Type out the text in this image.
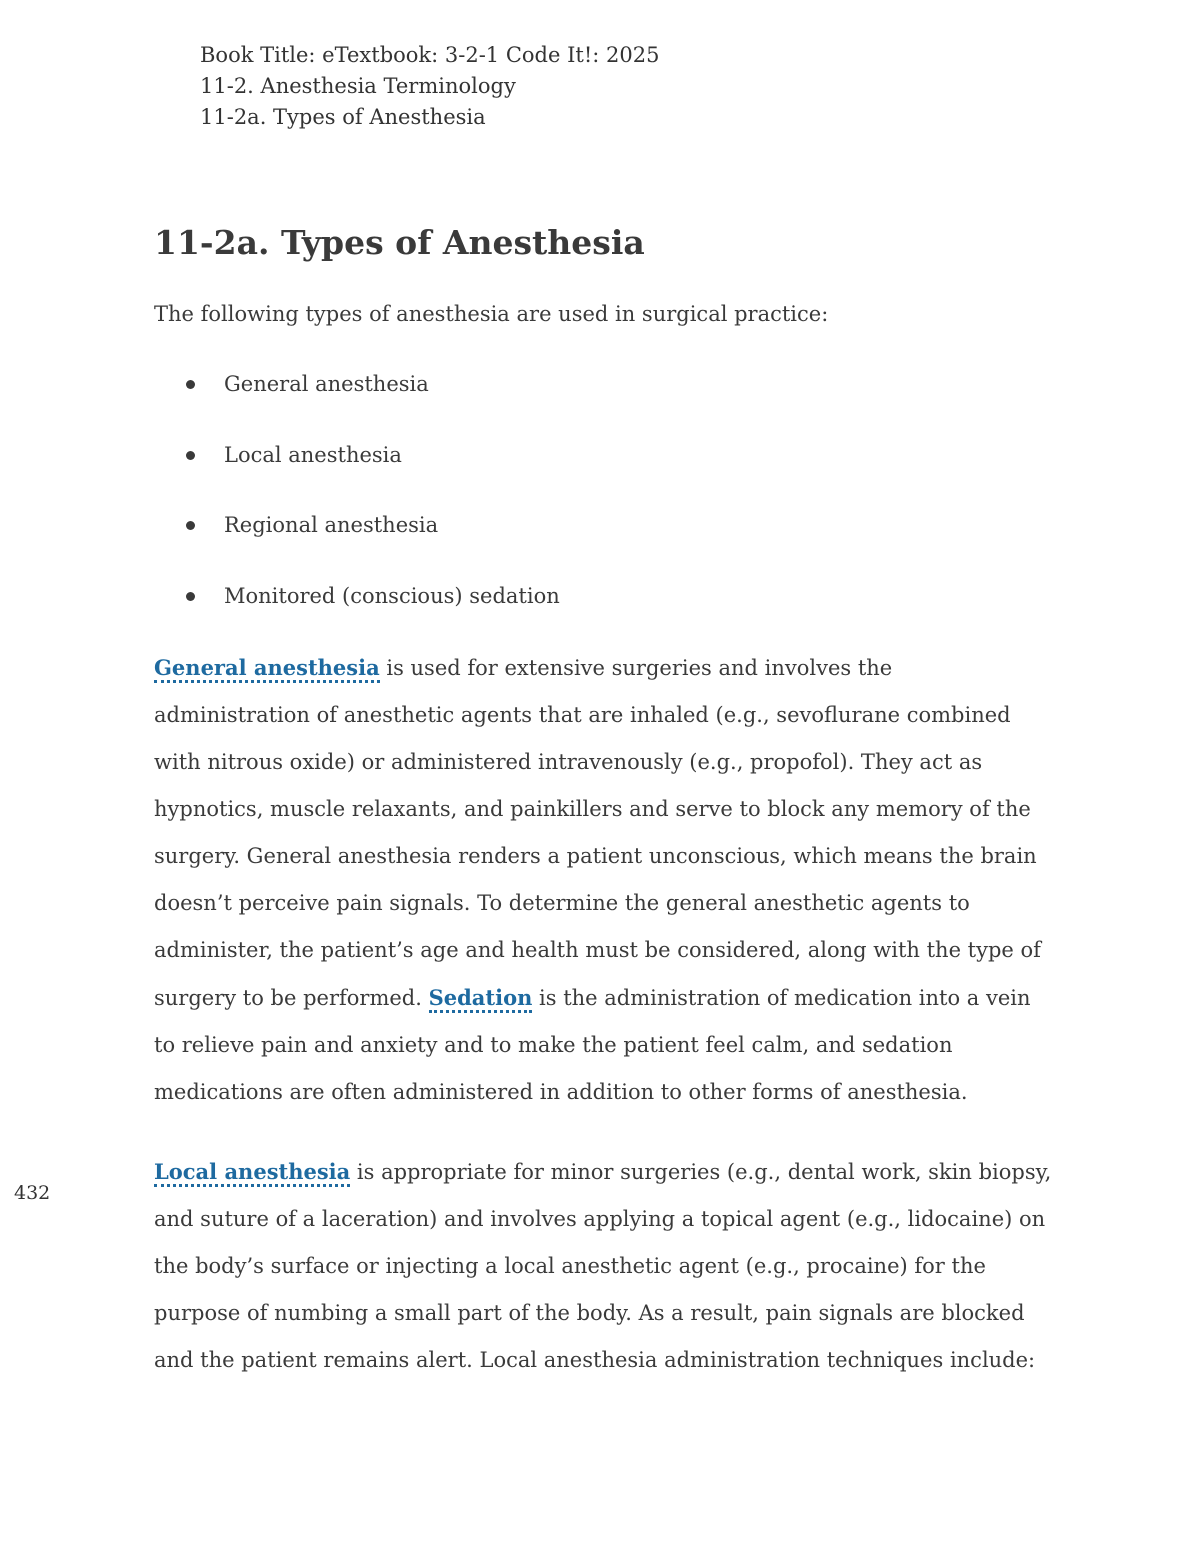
Book Title: eTextbook: 3-2-1 Code It!: 2025
11-2. Anesthesia Terminology
11-2a. Types of Anesthesia
432
11-2a. Types of Anesthesia

The following types of anesthesia are used in surgical practice:

General anesthesia
Local anesthesia
Regional anesthesia
Monitored (conscious) sedation

General anesthesia is used for extensive surgeries and involves the administration of anesthetic agents that are inhaled (e.g., sevoflurane combined with nitrous oxide) or administered intravenously (e.g., propofol). They act as hypnotics, muscle relaxants, and painkillers and serve to block any memory of the surgery. General anesthesia renders a patient unconscious, which means the brain doesn’t perceive pain signals. To determine the general anesthetic agents to administer, the patient’s age and health must be considered, along with the type of surgery to be performed. Sedation is the administration of medication into a vein to relieve pain and anxiety and to make the patient feel calm, and sedation medications are often administered in addition to other forms of anesthesia.

Local anesthesia is appropriate for minor surgeries (e.g., dental work, skin biopsy, and suture of a laceration) and involves applying a topical agent (e.g., lidocaine) on the body’s surface or injecting a local anesthetic agent (e.g., procaine) for the purpose of numbing a small part of the body. As a result, pain signals are blocked and the patient remains alert. Local anesthesia administration techniques include:
